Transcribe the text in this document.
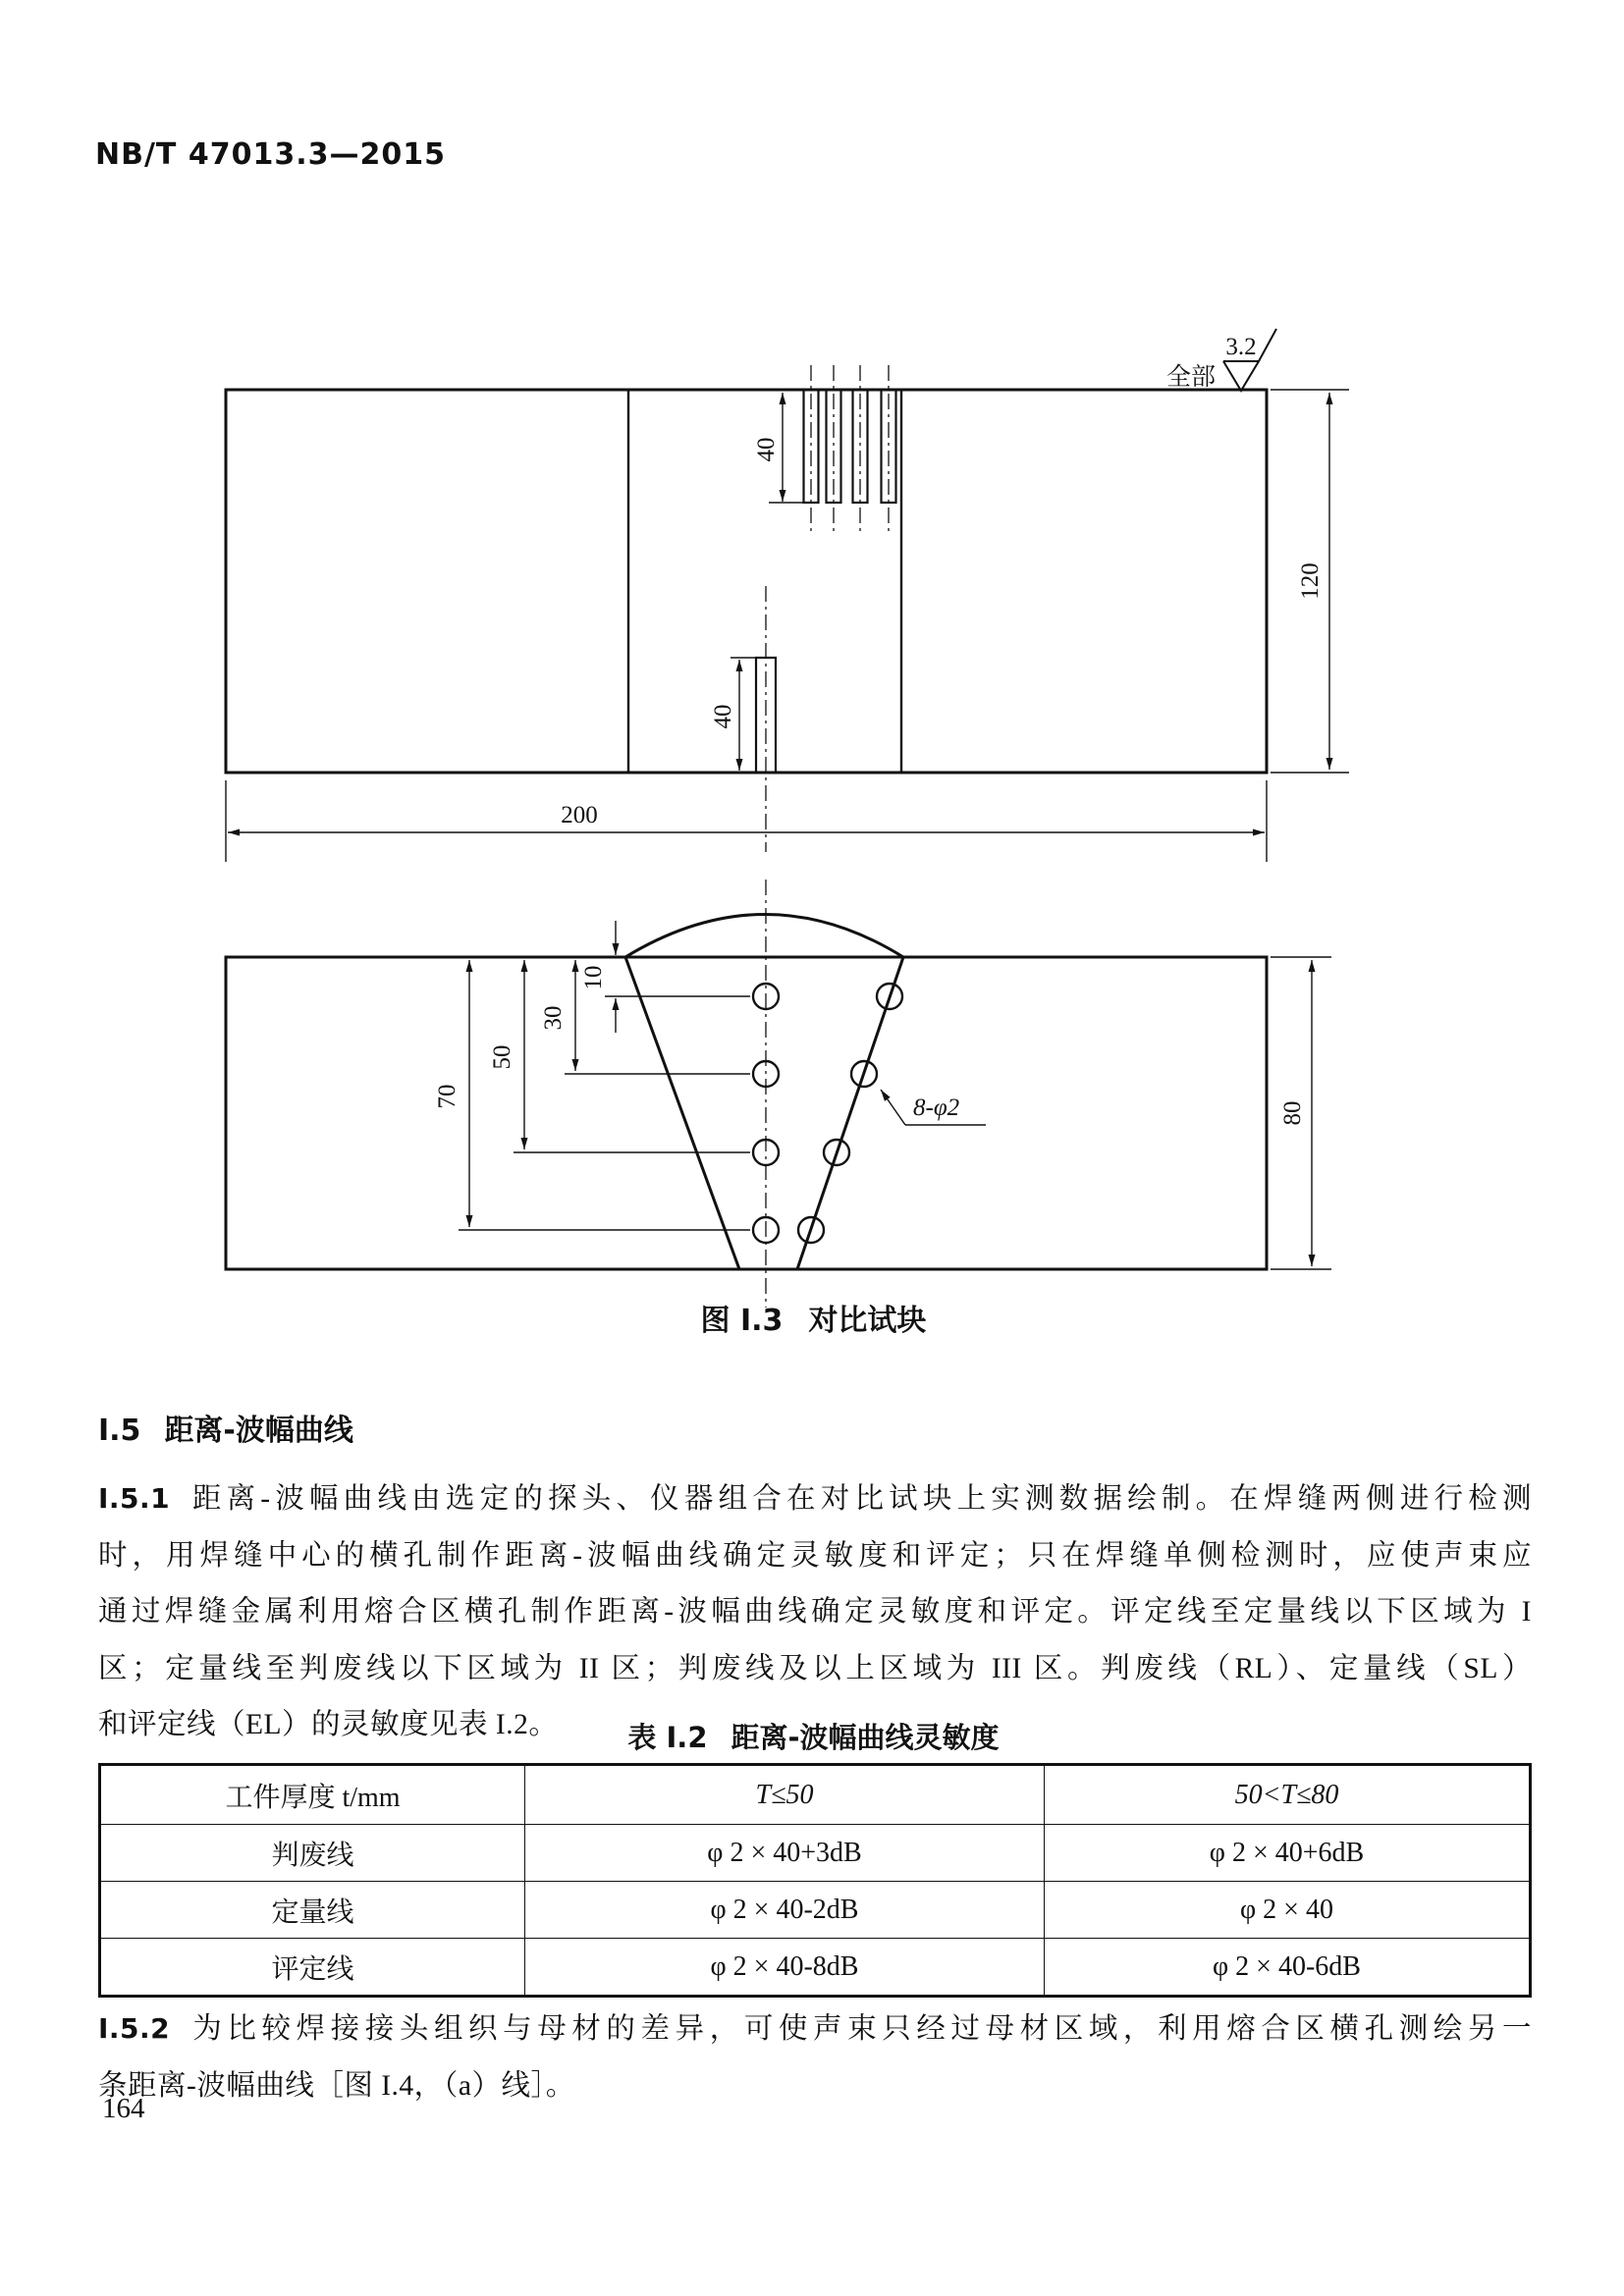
NB/T 47013.3—2015
40
40
全部
3.2
120
200
10
30
50
70	8-φ2	80
图 I.3 对比试块
I.5 距离-波幅曲线
I.5.1 距离-波幅曲线由选定的探头、仪器组合在对比试块上实测数据绘制。在焊缝两侧进行检测
时，用焊缝中心的横孔制作距离-波幅曲线确定灵敏度和评定；只在焊缝单侧检测时，应使声束应
通过焊缝金属利用熔合区横孔制作距离-波幅曲线确定灵敏度和评定。评定线至定量线以下区域为 I
区；定量线至判废线以下区域为 II 区；判废线及以上区域为 III 区。判废线（RL）、定量线（SL）
和评定线（EL）的灵敏度见表 I.2。	表 I.2 距离-波幅曲线灵敏度
工件厚度 t/mm	T≤50	50<T≤80
判废线	φ 2 × 40+3dB	φ 2 × 40+6dB
定量线	φ 2 × 40-2dB	φ 2 × 40
评定线	φ 2 × 40-8dB	φ 2 × 40-6dB
I.5.2 为比较焊接接头组织与母材的差异，可使声束只经过母材区域，利用熔合区横孔测绘另一
条距离-波幅曲线［图 I.4，（a）线］。
164
